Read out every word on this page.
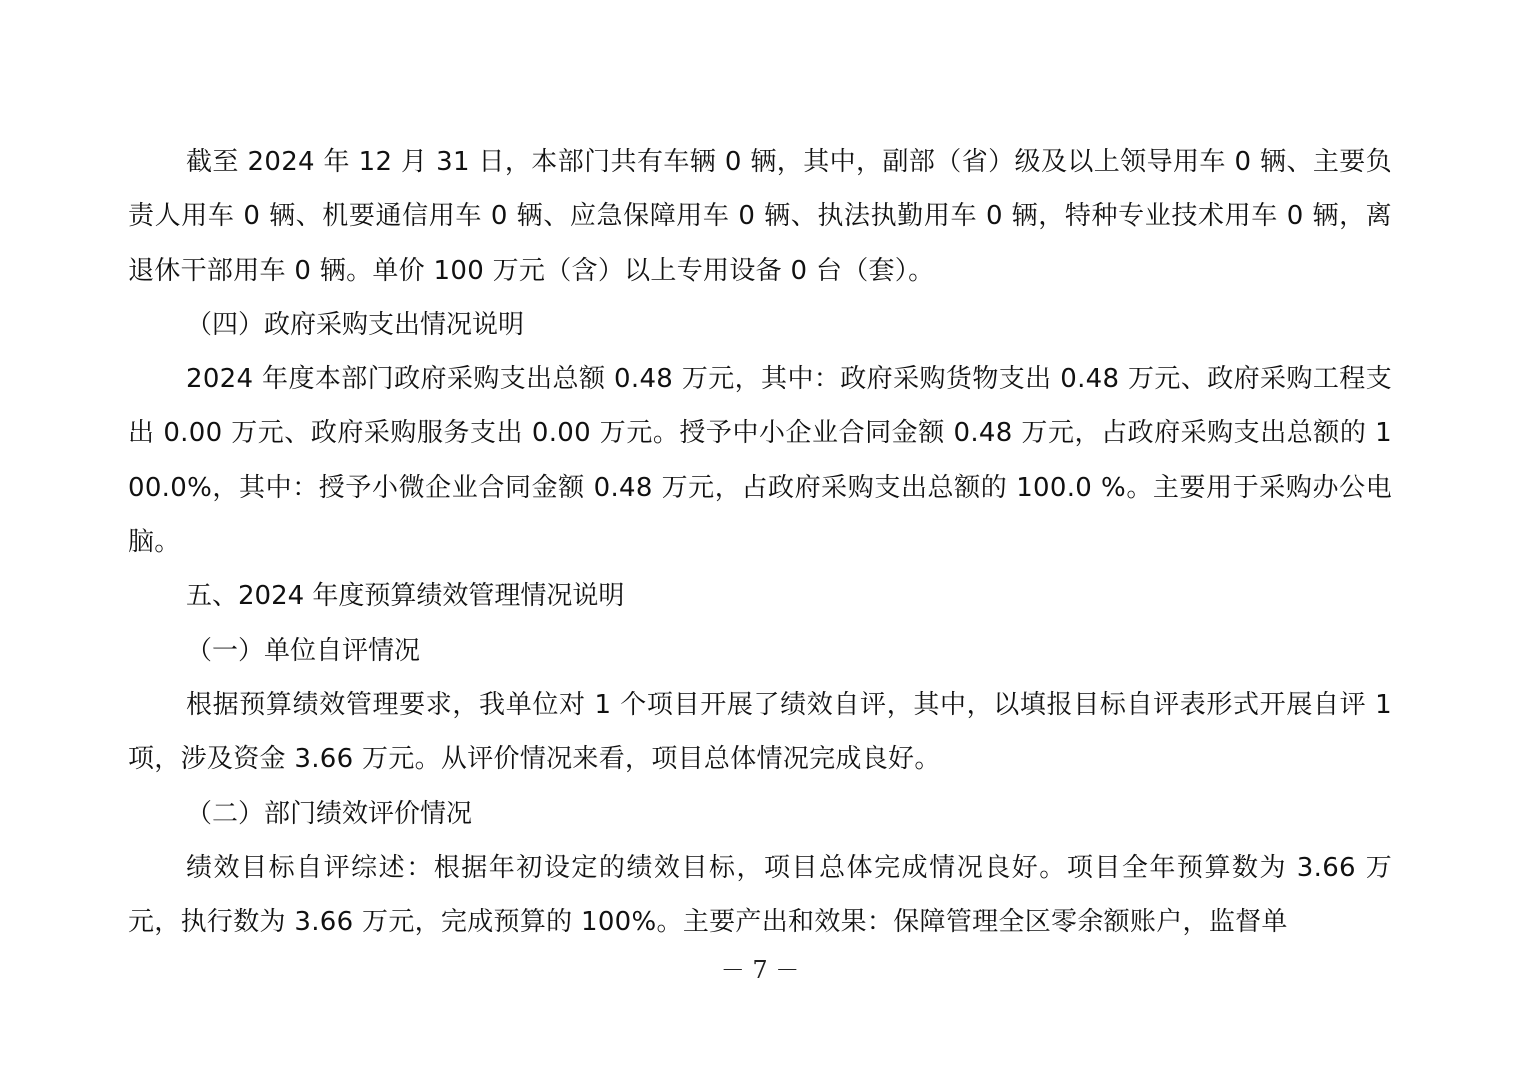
截至 2024 年 12 月 31 日，本部门共有车辆 0 辆，其中，副部（省）级及以上领导用车 0 辆、主要负责人用车 0 辆、机要通信用车 0 辆、应急保障用车 0 辆、执法执勤用车 0 辆，特种专业技术用车 0 辆，离退休干部用车 0 辆。单价 100 万元（含）以上专用设备 0 台（套）。

（四）政府采购支出情况说明

2024 年度本部门政府采购支出总额 0.48 万元，其中：政府采购货物支出 0.48 万元、政府采购工程支出 0.00 万元、政府采购服务支出 0.00 万元。授予中小企业合同金额 0.48 万元，占政府采购支出总额的 100.0%，其中：授予小微企业合同金额 0.48 万元，占政府采购支出总额的 100.0 %。主要用于采购办公电脑。

五、2024 年度预算绩效管理情况说明

（一）单位自评情况

根据预算绩效管理要求，我单位对 1 个项目开展了绩效自评，其中，以填报目标自评表形式开展自评 1 项，涉及资金 3.66 万元。从评价情况来看，项目总体情况完成良好。

（二）部门绩效评价情况

绩效目标自评综述：根据年初设定的绩效目标，项目总体完成情况良好。项目全年预算数为 3.66 万元，执行数为 3.66 万元，完成预算的 100%。主要产出和效果：保障管理全区零余额账户，监督单

－ 7 －
